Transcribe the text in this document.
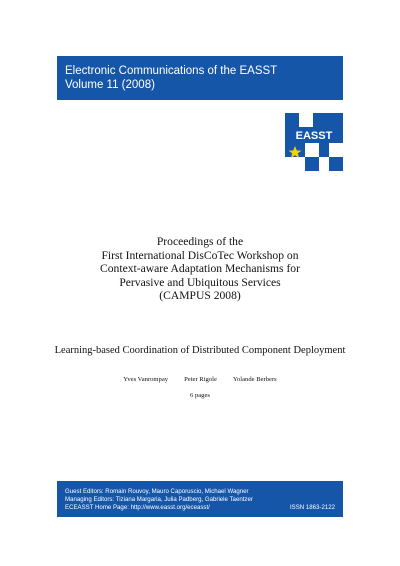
Electronic Communications of the EASST
Volume 11 (2008)
EASST
Proceedings of the
First International DisCoTec Workshop on
Context-aware Adaptation Mechanisms for
Pervasive and Ubiquitous Services
(CAMPUS 2008)
Learning-based Coordination of Distributed Component Deployment
Yves Vanrompay Peter Rigole Yolande Berbers
6 pages
Guest Editors: Romain Rouvoy, Mauro Caporuscio, Michael Wagner
Managing Editors: Tiziana Margaria, Julia Padberg, Gabriele Taentzer
ECEASST Home Page: http://www.easst.org/eceasst/	ISSN 1863-2122
